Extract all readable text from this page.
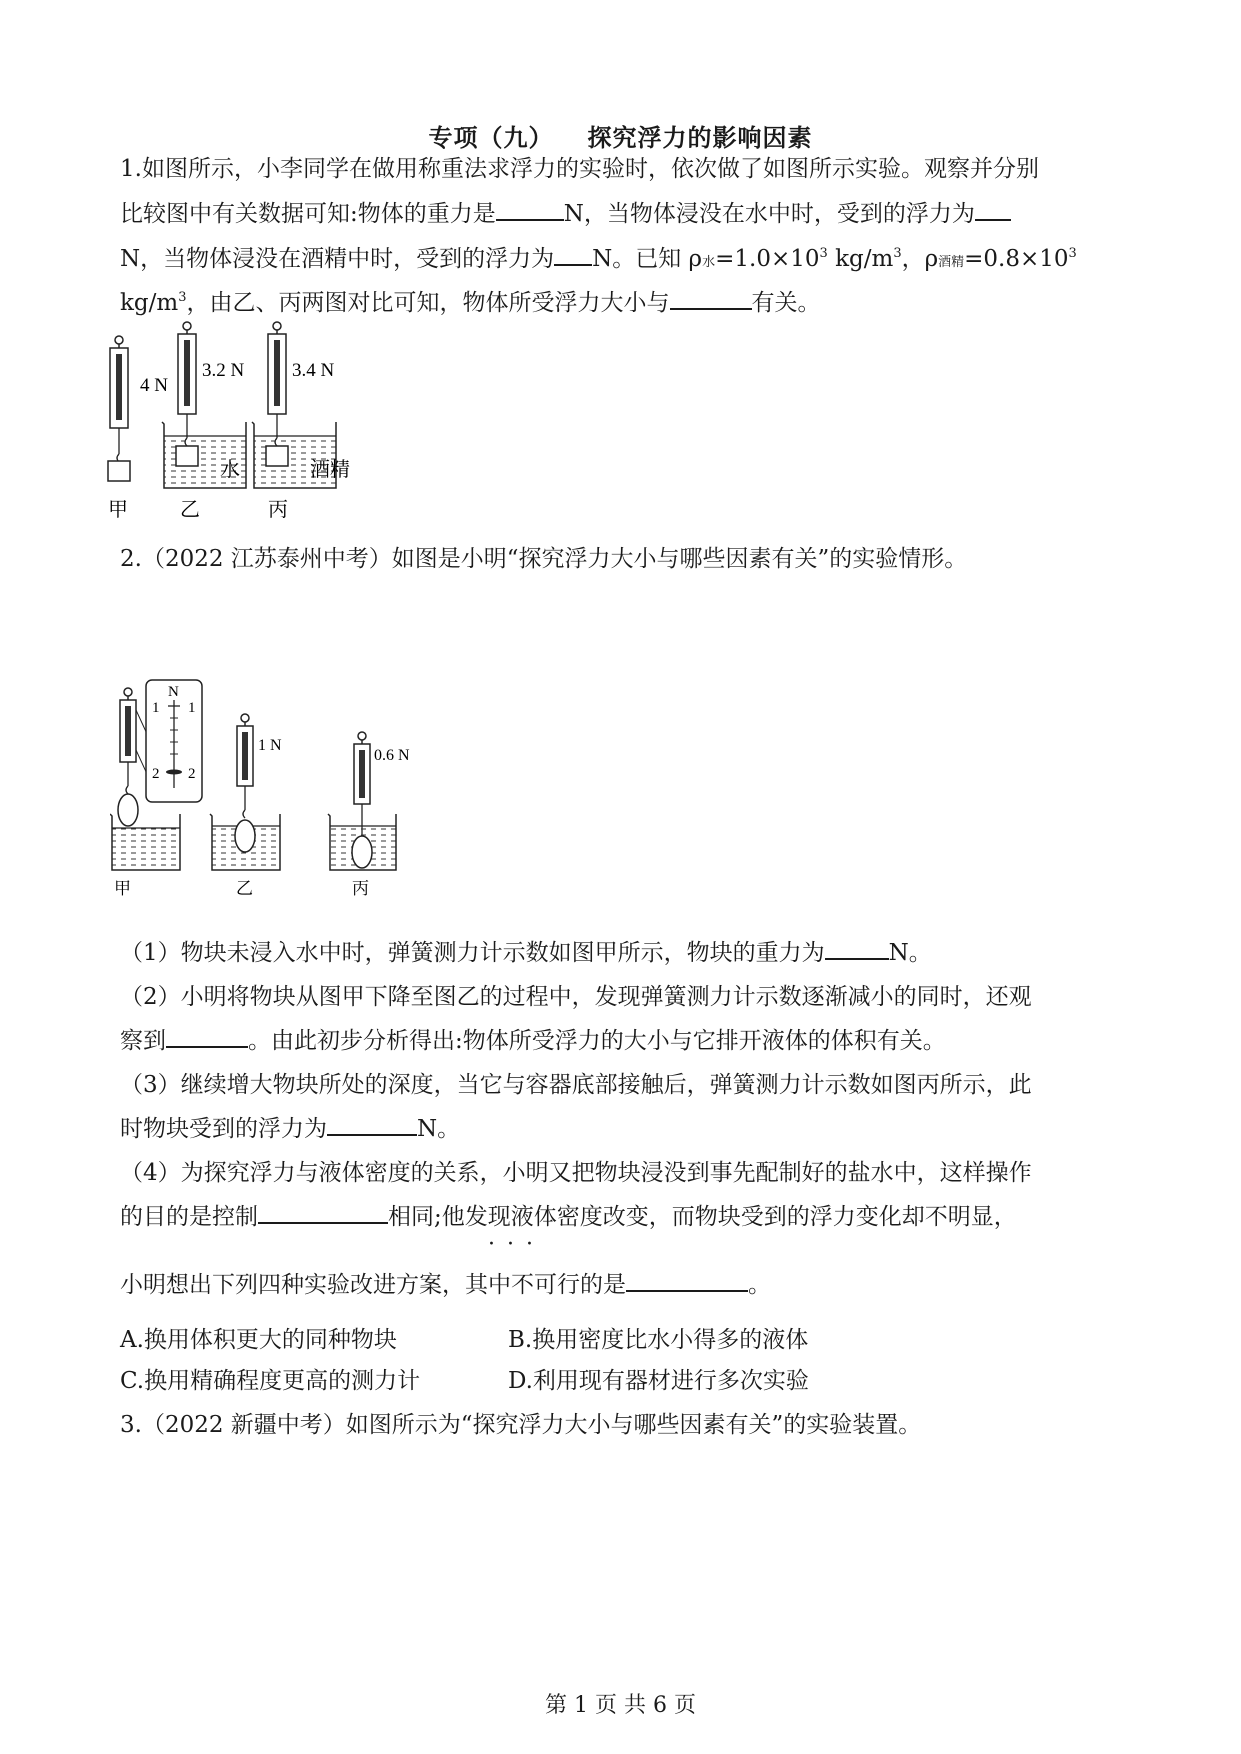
专项（九） 探究浮力的影响因素
1.如图所示，小李同学在做用称重法求浮力的实验时，依次做了如图所示实验。观察并分别
比较图中有关数据可知:物体的重力是	N，当物体浸没在水中时，受到的浮力为
N，当物体浸没在酒精中时，受到的浮力为 N。已知 ρ水$=1.0\times 10^3$ $kg/m^3$，ρ酒精$=0.8\times 10^3$
$kg/m^3$，由乙、丙两图对比可知，物体所受浮力大小与	有关。
4 N
3.2 N
水
3.4 N
酒精
甲	乙	丙
2.（2022 江苏泰州中考）如图是小明“探究浮力大小与哪些因素有关”的实验情形。
N
1 1
2 2
1 N
0.6 N
甲	乙	丙
（1）物块未浸入水中时，弹簧测力计示数如图甲所示，物块的重力为	N。
（2）小明将物块从图甲下降至图乙的过程中，发现弹簧测力计示数逐渐减小的同时，还观
察到	。由此初步分析得出:物体所受浮力的大小与它排开液体的体积有关。
（3）继续增大物块所处的深度，当它与容器底部接触后，弹簧测力计示数如图丙所示，此
时物块受到的浮力为	N。
（4）为探究浮力与液体密度的关系，小明又把物块浸没到事先配制好的盐水中，这样操作
的目的是控制	相同;他发现液体密度改变，而物块受到的浮力变化却不明显，
···
小明想出下列四种实验改进方案，其中不可行的是	。
A.换用体积更大的同种物块	B.换用密度比水小得多的液体
C.换用精确程度更高的测力计	D.利用现有器材进行多次实验
3.（2022 新疆中考）如图所示为“探究浮力大小与哪些因素有关”的实验装置。
第 1 页 共 6 页
